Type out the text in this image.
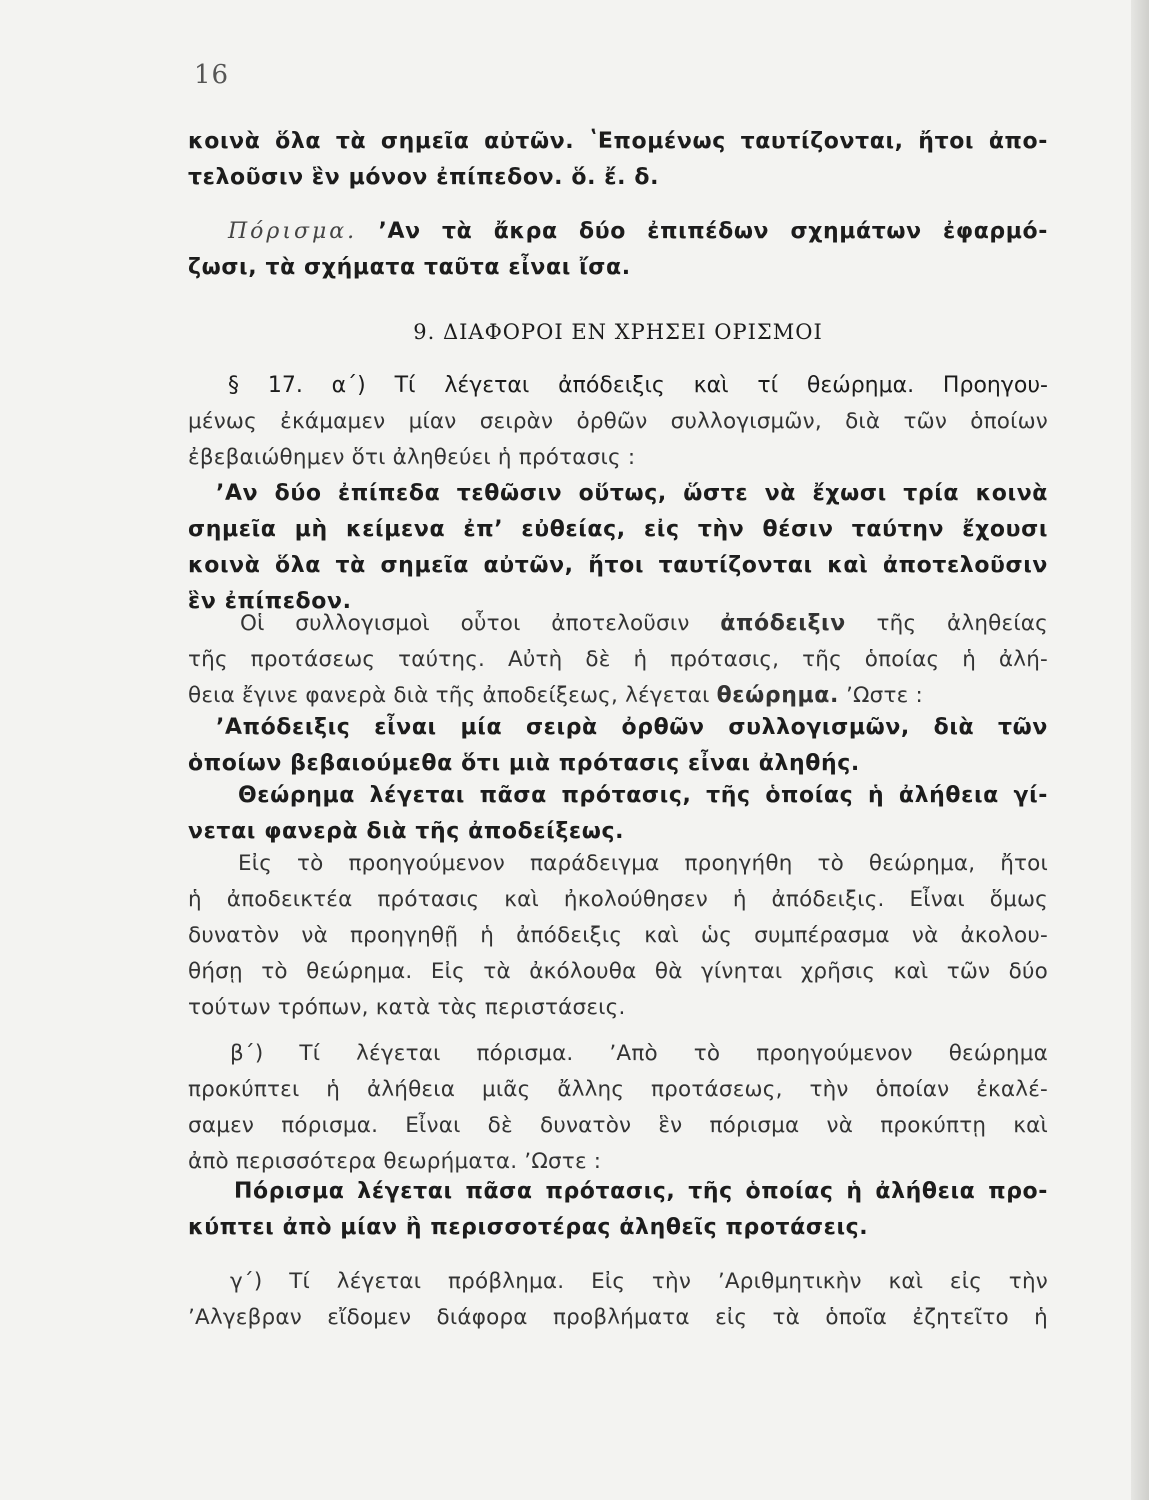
16
κοινὰ ὅλα τὰ σημεῖα αὐτῶν. ʽΕπομένως ταυτίζονται, ἤτοι ἀπο-
τελοῦσιν ἓν μόνον ἐπίπεδον. ὅ. ἔ. δ.
Πόρισμα. ʼΑν τὰ ἄκρα δύο ἐπιπέδων σχημάτων ἐφαρμό-
ζωσι, τὰ σχήματα ταῦτα εἶναι ἴσα.
9. ΔΙΑΦΟΡΟΙ ΕΝ ΧΡΗΣΕΙ ΟΡΙΣΜΟΙ
§ 17. α΄) Τί λέγεται ἀπόδειξις καὶ τί θεώρημα. Προηγου-
μένως ἐκάμαμεν μίαν σειρὰν ὀρθῶν συλλογισμῶν, διὰ τῶν ὁποίων
ἐβεβαιώθημεν ὅτι ἀληθεύει ἡ πρότασις :
ʼΑν δύο ἐπίπεδα τεθῶσιν οὕτως, ὥστε νὰ ἔχωσι τρία κοινὰ
σημεῖα μὴ κείμενα ἐπʼ εὐθείας, εἰς τὴν θέσιν ταύτην ἔχουσι
κοινὰ ὅλα τὰ σημεῖα αὐτῶν, ἤτοι ταυτίζονται καὶ ἀποτελοῦσιν
ἓν ἐπίπεδον.
Οἱ συλλογισμοὶ οὗτοι ἀποτελοῦσιν ἀπόδειξιν τῆς ἀληθείας
τῆς προτάσεως ταύτης. Αὐτὴ δὲ ἡ πρότασις, τῆς ὁποίας ἡ ἀλή-
θεια ἔγινε φανερὰ διὰ τῆς ἀποδείξεως, λέγεται θεώρημα. ʼΩστε :
ʼΑπόδειξις εἶναι μία σειρὰ ὀρθῶν συλλογισμῶν, διὰ τῶν
ὁποίων βεβαιούμεθα ὅτι μιὰ πρότασις εἶναι ἀληθής.
Θεώρημα λέγεται πᾶσα πρότασις, τῆς ὁποίας ἡ ἀλήθεια γί-
νεται φανερὰ διὰ τῆς ἀποδείξεως.
Εἰς τὸ προηγούμενον παράδειγμα προηγήθη τὸ θεώρημα, ἤτοι
ἡ ἀποδεικτέα πρότασις καὶ ἠκολούθησεν ἡ ἀπόδειξις. Εἶναι ὅμως
δυνατὸν νὰ προηγηθῇ ἡ ἀπόδειξις καὶ ὡς συμπέρασμα νὰ ἀκολου-
θήσῃ τὸ θεώρημα. Εἰς τὰ ἀκόλουθα θὰ γίνηται χρῆσις καὶ τῶν δύο
τούτων τρόπων, κατὰ τὰς περιστάσεις.
β΄) Τί λέγεται πόρισμα. ʼΑπὸ τὸ προηγούμενον θεώρημα
προκύπτει ἡ ἀλήθεια μιᾶς ἄλλης προτάσεως, τὴν ὁποίαν ἐκαλέ-
σαμεν πόρισμα. Εἶναι δὲ δυνατὸν ἓν πόρισμα νὰ προκύπτῃ καὶ
ἀπὸ περισσότερα θεωρήματα. ʼΩστε :
Πόρισμα λέγεται πᾶσα πρότασις, τῆς ὁποίας ἡ ἀλήθεια προ-
κύπτει ἀπὸ μίαν ἢ περισσοτέρας ἀληθεῖς προτάσεις.
γ΄) Τί λέγεται πρόβλημα. Εἰς τὴν ʼΑριθμητικὴν καὶ εἰς τὴν
ʼΑλγεβραν εἴδομεν διάφορα προβλήματα εἰς τὰ ὁποῖα ἐζητεῖτο ἡ
